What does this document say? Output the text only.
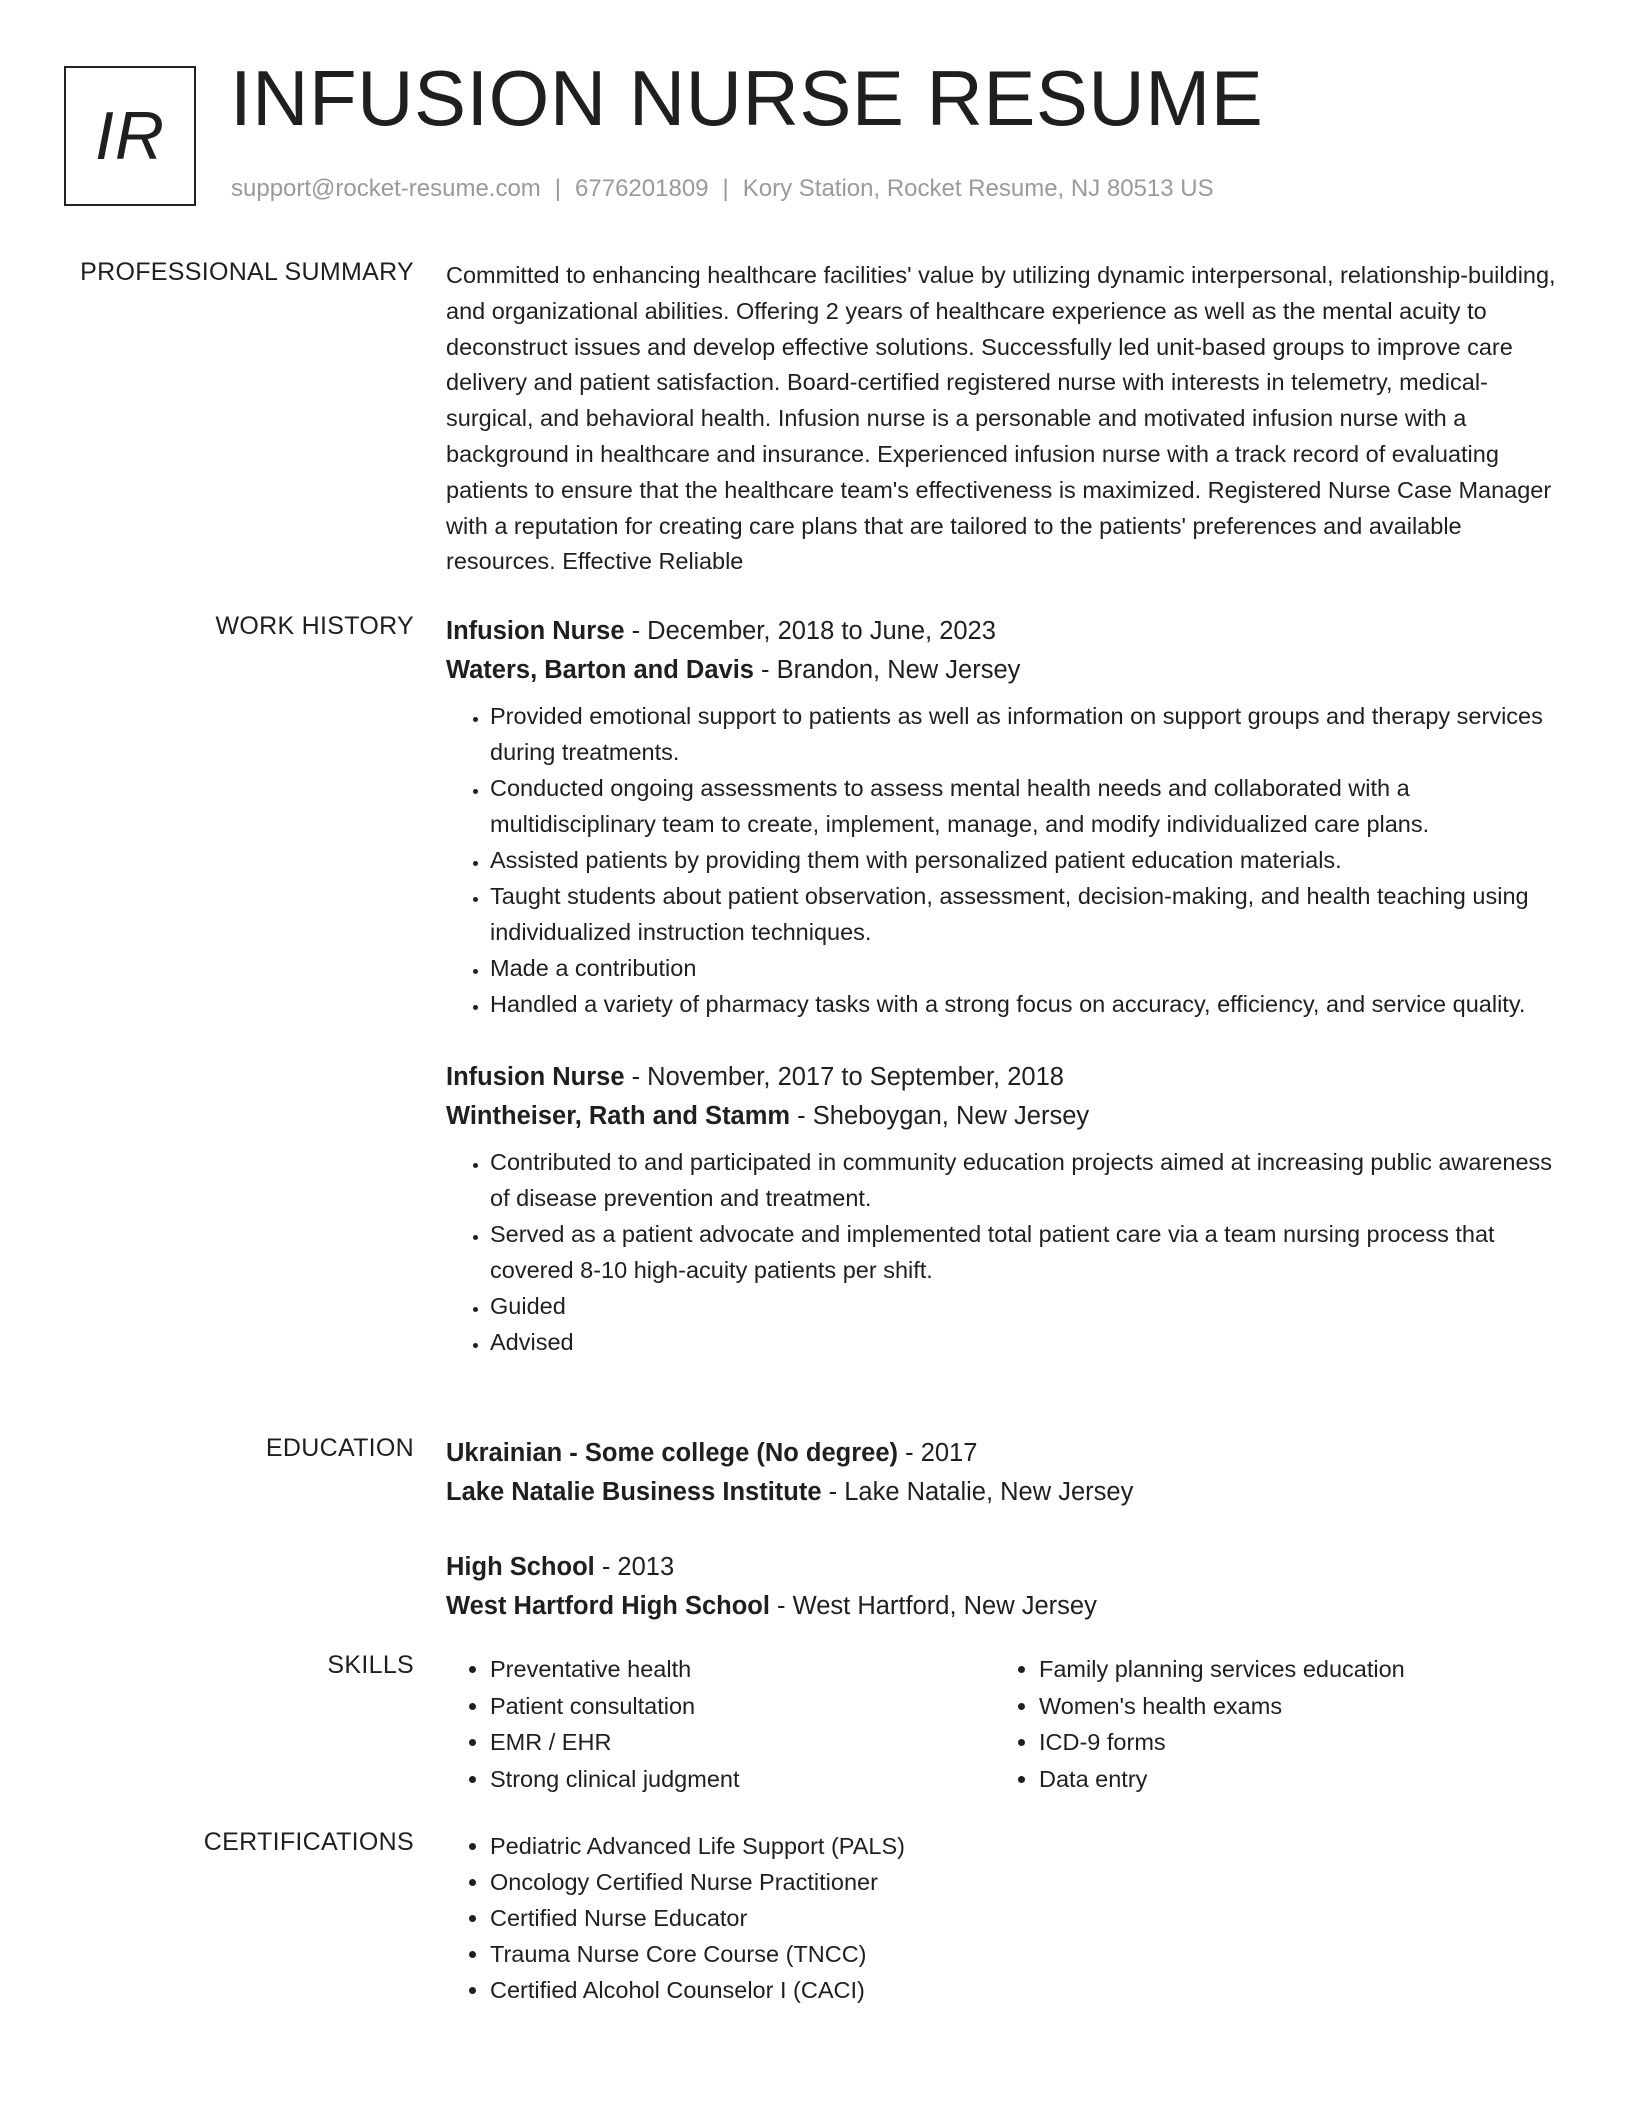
IR INFUSION NURSE RESUME
support@rocket-resume.com | 6776201809 | Kory Station, Rocket Resume, NJ 80513 US
PROFESSIONAL SUMMARY Committed to enhancing healthcare facilities' value by utilizing dynamic interpersonal, relationship-building, and organizational abilities. Offering 2 years of healthcare experience as well as the mental acuity to deconstruct issues and develop effective solutions. Successfully led unit-based groups to improve care delivery and patient satisfaction. Board-certified registered nurse with interests in telemetry, medical-surgical, and behavioral health. Infusion nurse is a personable and motivated infusion nurse with a background in healthcare and insurance. Experienced infusion nurse with a track record of evaluating patients to ensure that the healthcare team's effectiveness is maximized. Registered Nurse Case Manager with a reputation for creating care plans that are tailored to the patients' preferences and available resources. Effective Reliable

WORK HISTORY Infusion Nurse - December, 2018 to June, 2023
Waters, Barton and Davis - Brandon, New Jersey
• Provided emotional support to patients as well as information on support groups and therapy services during treatments.
• Conducted ongoing assessments to assess mental health needs and collaborated with a multidisciplinary team to create, implement, manage, and modify individualized care plans.
• Assisted patients by providing them with personalized patient education materials.
• Taught students about patient observation, assessment, decision-making, and health teaching using individualized instruction techniques.
• Made a contribution
• Handled a variety of pharmacy tasks with a strong focus on accuracy, efficiency, and service quality.
Infusion Nurse - November, 2017 to September, 2018
Wintheiser, Rath and Stamm - Sheboygan, New Jersey
• Contributed to and participated in community education projects aimed at increasing public awareness of disease prevention and treatment.
• Served as a patient advocate and implemented total patient care via a team nursing process that covered 8-10 high-acuity patients per shift.
• Guided
• Advised
EDUCATION Ukrainian - Some college (No degree) - 2017
Lake Natalie Business Institute - Lake Natalie, New Jersey
High School - 2013
West Hartford High School - West Hartford, New Jersey
SKILLS	• Preventative health
• Patient consultation
• EMR / EHR
• Strong clinical judgment
• Family planning services education
• Women's health exams
• ICD-9 forms
• Data entry
CERTIFICATIONS	• Pediatric Advanced Life Support (PALS)
• Oncology Certified Nurse Practitioner
• Certified Nurse Educator
• Trauma Nurse Core Course (TNCC)
• Certified Alcohol Counselor I (CACI)
